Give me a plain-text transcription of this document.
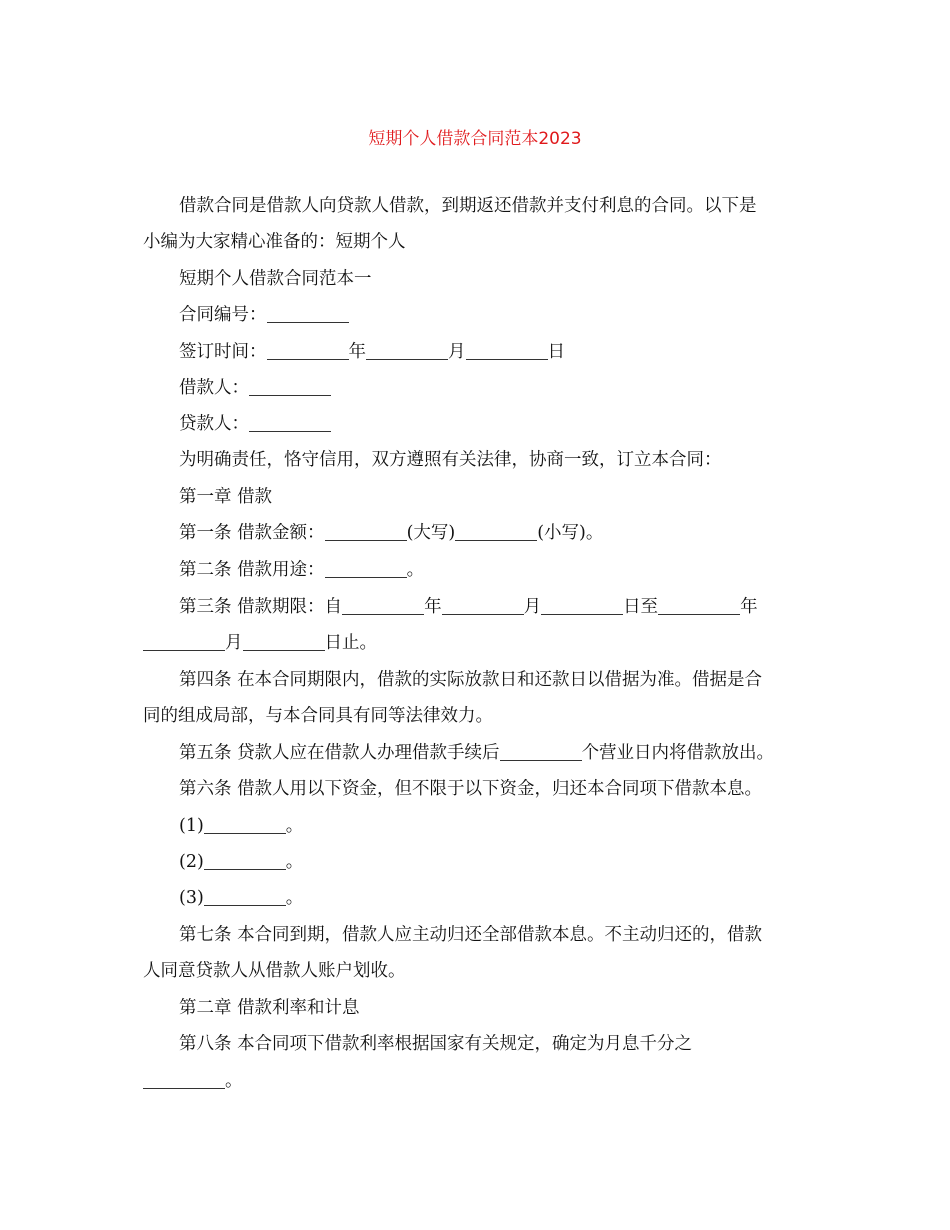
短期个人借款合同范本2023

借款合同是借款人向贷款人借款，到期返还借款并支付利息的合同。以下是

小编为大家精心准备的：短期个人

短期个人借款合同范本一

合同编号：

签订时间：	年	月	日

借款人：

贷款人：

为明确责任，恪守信用，双方遵照有关法律，协商一致，订立本合同：

第一章 借款

第一条 借款金额：	(大写)	(小写)。

第二条 借款用途：	。

第三条 借款期限：自	年	月	日至	年

月	日止。

第四条 在本合同期限内，借款的实际放款日和还款日以借据为准。借据是合

同的组成局部，与本合同具有同等法律效力。

第五条 贷款人应在借款人办理借款手续后	个营业日内将借款放出。

第六条 借款人用以下资金，但不限于以下资金，归还本合同项下借款本息。

(1)	。

(2)	。

(3)	。

第七条 本合同到期，借款人应主动归还全部借款本息。不主动归还的，借款

人同意贷款人从借款人账户划收。

第二章 借款利率和计息

第八条 本合同项下借款利率根据国家有关规定，确定为月息千分之

。
